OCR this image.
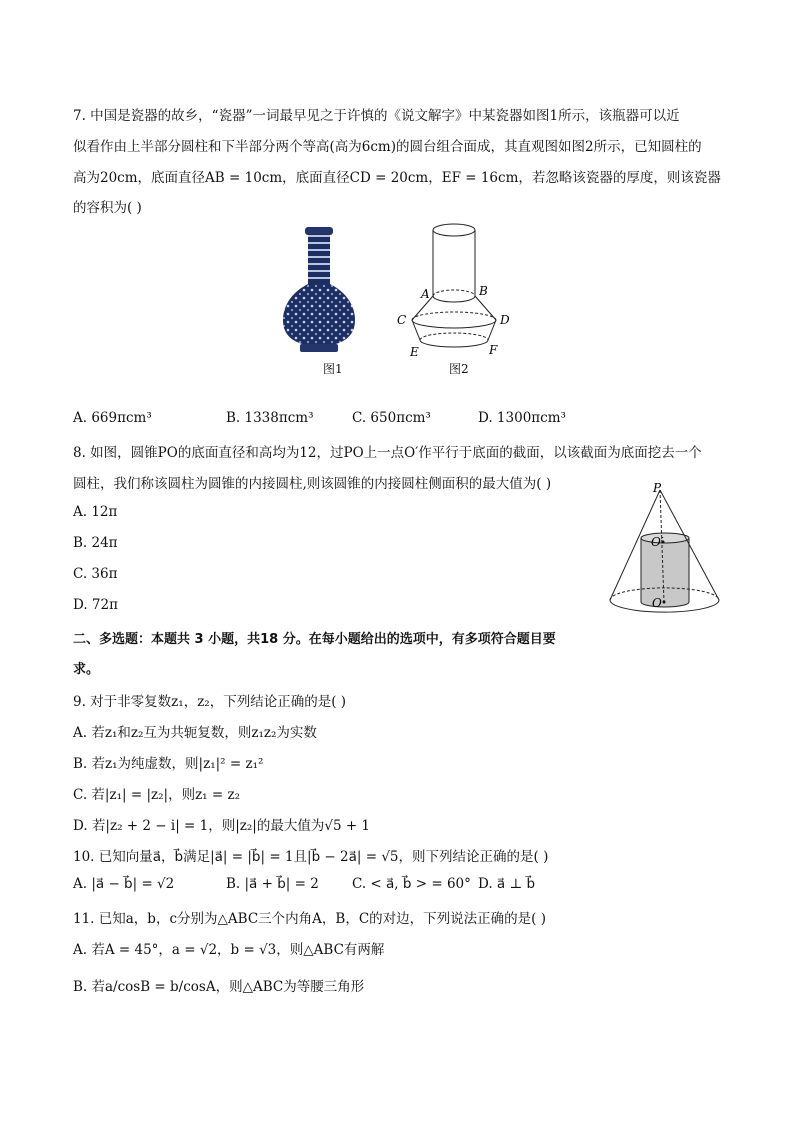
7. 中国是瓷器的故乡，“瓷器”一词最早见之于许慎的《说文解字》中某瓷器如图1所示，该瓶器可以近
似看作由上半部分圆柱和下半部分两个等高(高为6cm)的圆台组合面成，其直观图如图2所示，已知圆柱的
高为20cm，底面直径AB = 10cm，底面直径CD = 20cm，EF = 16cm，若忽略该瓷器的厚度，则该瓷器
的容积为( )
图1
A	B
C	D
E	F
图2
A. 669πcm³	B. 1338πcm³	C. 650πcm³	D. 1300πcm³
8. 如图，圆锥PO的底面直径和高均为12，过PO上一点O′作平行于底面的截面，以该截面为底面挖去一个
圆柱，我们称该圆柱为圆锥的内接圆柱,则该圆锥的内接圆柱侧面积的最大值为( )
A. 12π
B. 24π
C. 36π
D. 72π
P
O′
O
二、多选题：本题共 3 小题，共18 分。在每小题给出的选项中，有多项符合题目要
求。
9. 对于非零复数z₁，z₂，下列结论正确的是( )
A. 若z₁和z₂互为共轭复数，则z₁z₂为实数
B. 若z₁为纯虚数，则|z₁|² = z₁²
C. 若|z₁| = |z₂|，则z₁ = z₂
D. 若|z₂ + 2 − i| = 1，则|z₂|的最大值为√5 + 1
10. 已知向量a⃗，b⃗满足|a⃗| = |b⃗| = 1且|b⃗ − 2a⃗| = √5，则下列结论正确的是( )
A. |a⃗ − b⃗| = √2	B. |a⃗ + b⃗| = 2 C. < a⃗, b⃗ > = 60° D. a⃗ ⊥ b⃗
11. 已知a，b，c分别为△ABC三个内角A，B，C的对边，下列说法正确的是( )
A. 若A = 45°，a = √2，b = √3，则△ABC有两解
B. 若a/cosB = b/cosA，则△ABC为等腰三角形
